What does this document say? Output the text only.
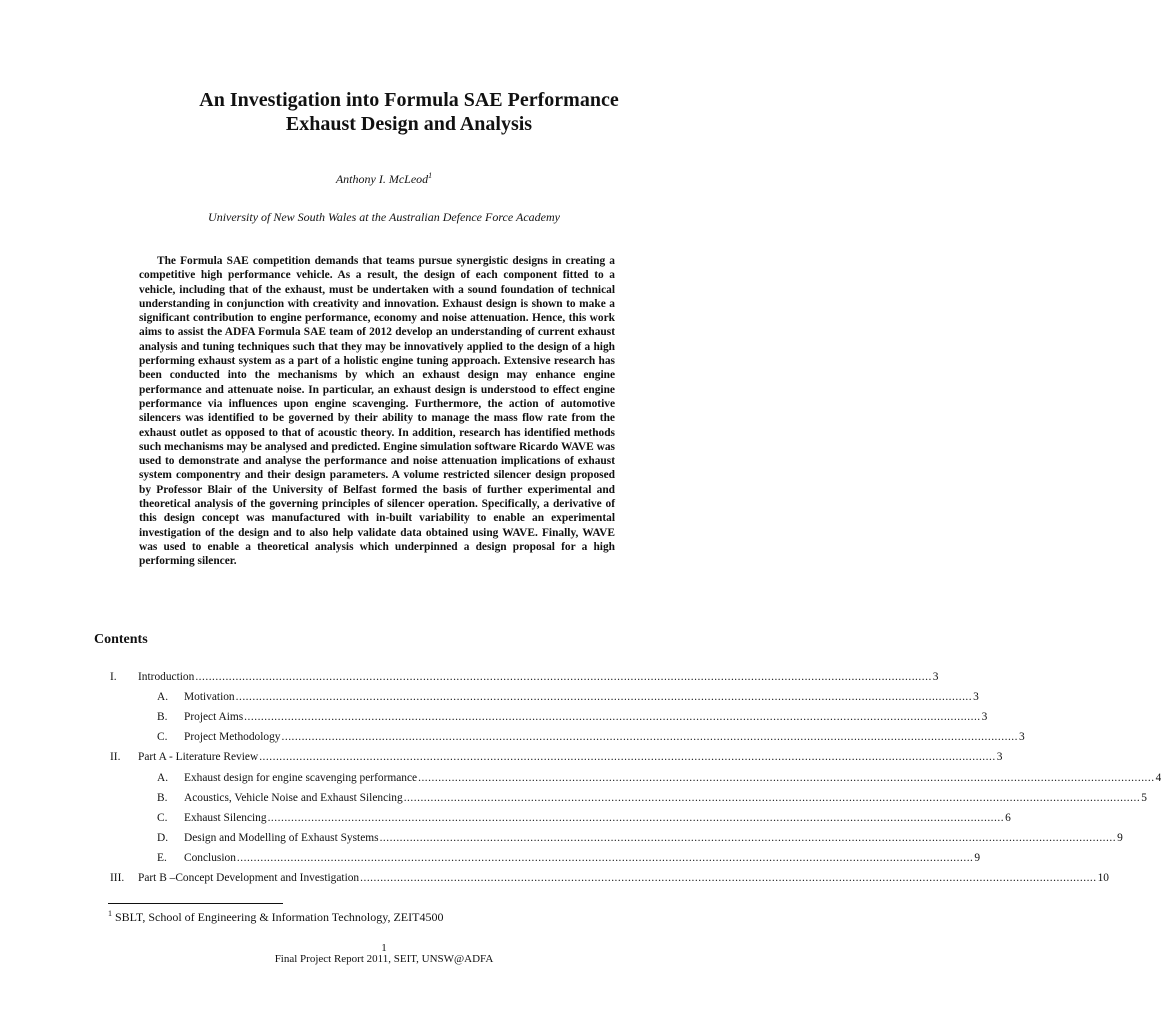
An Investigation into Formula SAE Performance
Exhaust Design and Analysis
Anthony I. McLeod$^1$
University of New South Wales at the Australian Defence Force Academy

The Formula SAE competition demands that teams pursue synergistic designs in creating a competitive high performance vehicle. As a result, the design of each component fitted to a vehicle, including that of the exhaust, must be undertaken with a sound foundation of technical understanding in conjunction with creativity and innovation. Exhaust design is shown to make a significant contribution to engine performance, economy and noise attenuation. Hence, this work aims to assist the ADFA Formula SAE team of 2012 develop an understanding of current exhaust analysis and tuning techniques such that they may be innovatively applied to the design of a high performing exhaust system as a part of a holistic engine tuning approach. Extensive research has been conducted into the mechanisms by which an exhaust design may enhance engine performance and attenuate noise. In particular, an exhaust design is understood to effect engine performance via influences upon engine scavenging. Furthermore, the action of automotive silencers was identified to be governed by their ability to manage the mass flow rate from the exhaust outlet as opposed to that of acoustic theory. In addition, research has identified methods such mechanisms may be analysed and predicted. Engine simulation software Ricardo WAVE was used to demonstrate and analyse the performance and noise attenuation implications of exhaust system componentry and their design parameters. A volume restricted silencer design proposed by Professor Blair of the University of Belfast formed the basis of further experimental and theoretical analysis of the governing principles of silencer operation. Specifically, a derivative of this design concept was manufactured with in-built variability to enable an experimental investigation of the design and to also help validate data obtained using WAVE. Finally, WAVE was used to enable a theoretical analysis which underpinned a design proposal for a high performing silencer.

Contents
I. Introduction ............................................................................................................................................................................................................................ 3
A. Motivation ............................................................................................................................................................................................................................ 3
B. Project Aims ............................................................................................................................................................................................................................ 3
C. Project Methodology ............................................................................................................................................................................................................................ 3
II. Part A - Literature Review ............................................................................................................................................................................................................................ 3
A. Exhaust design for engine scavenging performance ............................................................................................................................................................................................................................ 4
B. Acoustics, Vehicle Noise and Exhaust Silencing ............................................................................................................................................................................................................................ 5
C. Exhaust Silencing ............................................................................................................................................................................................................................ 6
D. Design and Modelling of Exhaust Systems ............................................................................................................................................................................................................................ 9
E. Conclusion ............................................................................................................................................................................................................................ 9
III. Part B –Concept Development and Investigation ............................................................................................................................................................................................................................ 10
$^1$ SBLT, School of Engineering & Information Technology, ZEIT4500
1
Final Project Report 2011, SEIT, UNSW@ADFA
